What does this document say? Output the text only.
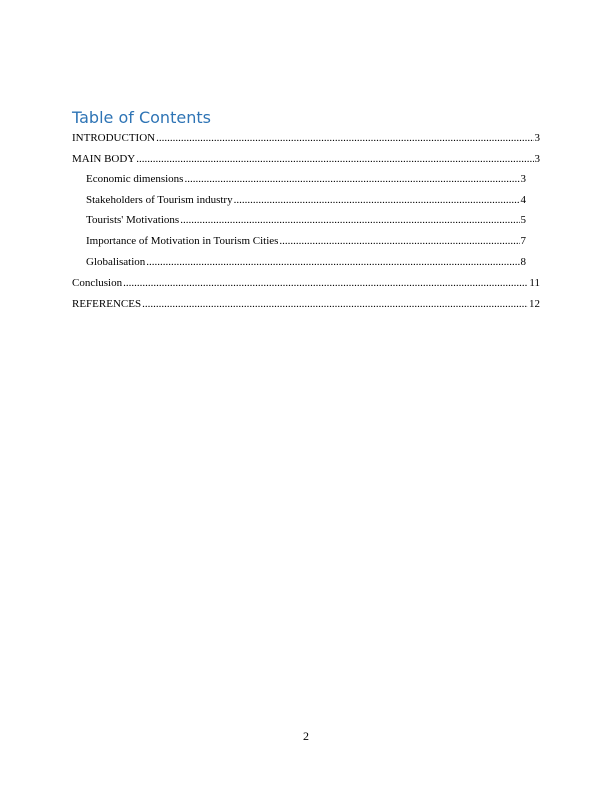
Table of Contents
INTRODUCTION .....	3
MAIN BODY .....	3
Economic dimensions .....	3
Stakeholders of Tourism industry .....	4
Tourists' Motivations .....	5
Importance of Motivation in Tourism Cities .....	7
Globalisation .....	8
Conclusion .....	11
REFERENCES .....	12
2
